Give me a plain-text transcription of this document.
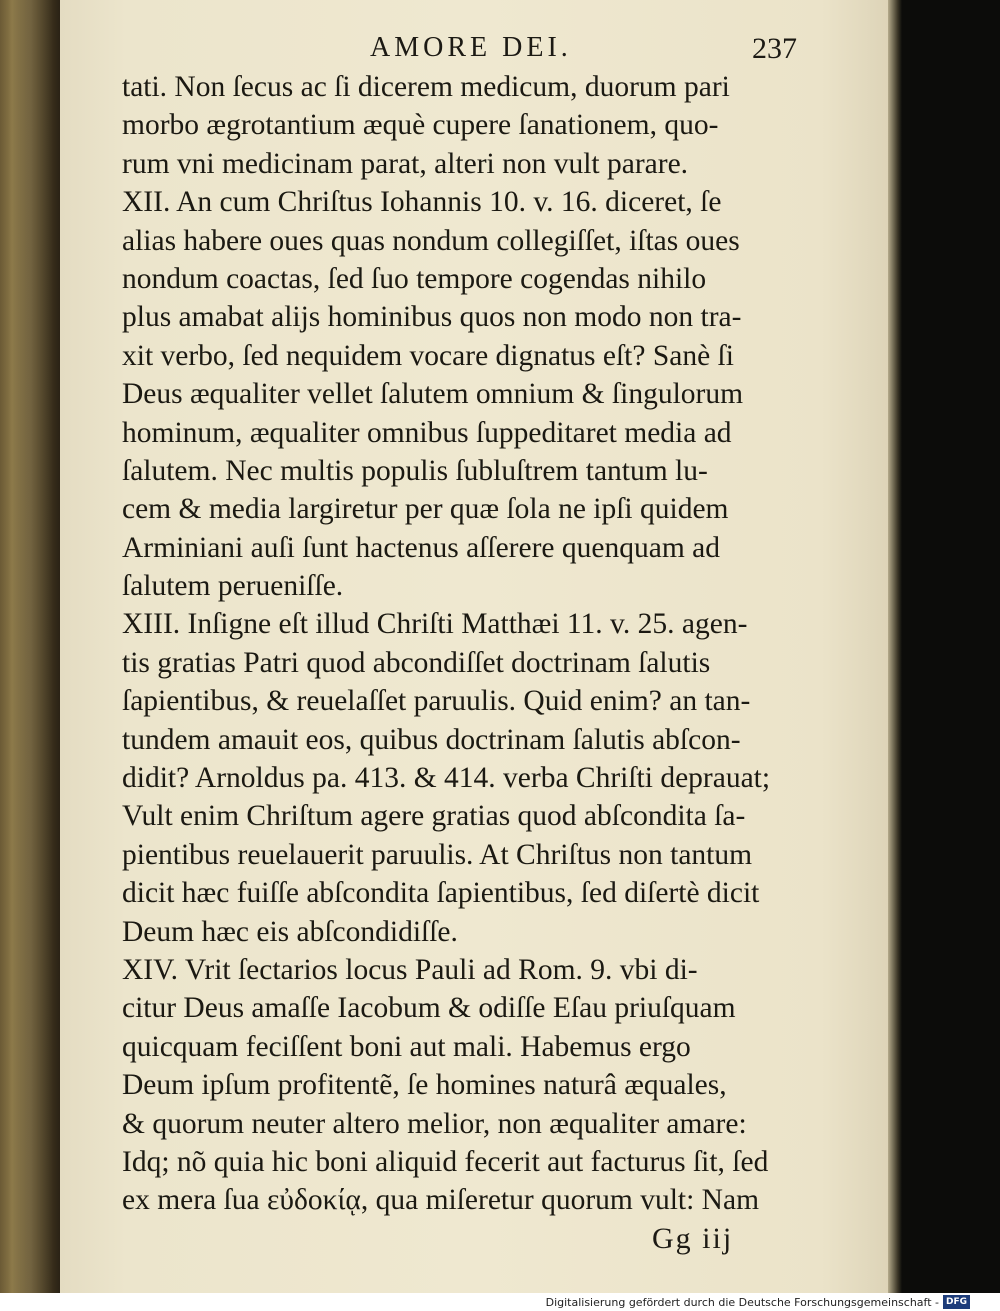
AMORE DEI.	237
tati. Non ſecus ac ſi dicerem medicum, duorum pari
morbo ægrotantium æquè cupere ſanationem, quo-
rum vni medicinam parat, alteri non vult parare.
XII. An cum Chriſtus Iohannis 10. v. 16. diceret, ſe
alias habere oues quas nondum collegiſſet, iſtas oues
nondum coactas, ſed ſuo tempore cogendas nihilo
plus amabat alijs hominibus quos non modo non tra-
xit verbo, ſed nequidem vocare dignatus eſt? Sanè ſi
Deus æqualiter vellet ſalutem omnium & ſingulorum
hominum, æqualiter omnibus ſuppeditaret media ad
ſalutem. Nec multis populis ſubluſtrem tantum lu-
cem & media largiretur per quæ ſola ne ipſi quidem
Arminiani auſi ſunt hactenus aſſerere quenquam ad
ſalutem perueniſſe.
XIII. Inſigne eſt illud Chriſti Matthæi 11. v. 25. agen-
tis gratias Patri quod abcondiſſet doctrinam ſalutis
ſapientibus, & reuelaſſet paruulis. Quid enim? an tan-
tundem amauit eos, quibus doctrinam ſalutis abſcon-
didit? Arnoldus pa. 413. & 414. verba Chriſti deprauat;
Vult enim Chriſtum agere gratias quod abſcondita ſa-
pientibus reuelauerit paruulis. At Chriſtus non tantum
dicit hæc fuiſſe abſcondita ſapientibus, ſed diſertè dicit
Deum hæc eis abſcondidiſſe.
XIV. Vrit ſectarios locus Pauli ad Rom. 9. vbi di-
citur Deus amaſſe Iacobum & odiſſe Eſau priuſquam
quicquam feciſſent boni aut mali. Habemus ergo
Deum ipſum profitentẽ, ſe homines naturâ æquales,
& quorum neuter altero melior, non æqualiter amare:
Idq; nõ quia hic boni aliquid fecerit aut facturus ſit, ſed
ex mera ſua εὐδοκίᾳ, qua miſeretur quorum vult: Nam
Gg iij
Digitalisierung gefördert durch die Deutsche Forschungsgemeinschaft - DFG
